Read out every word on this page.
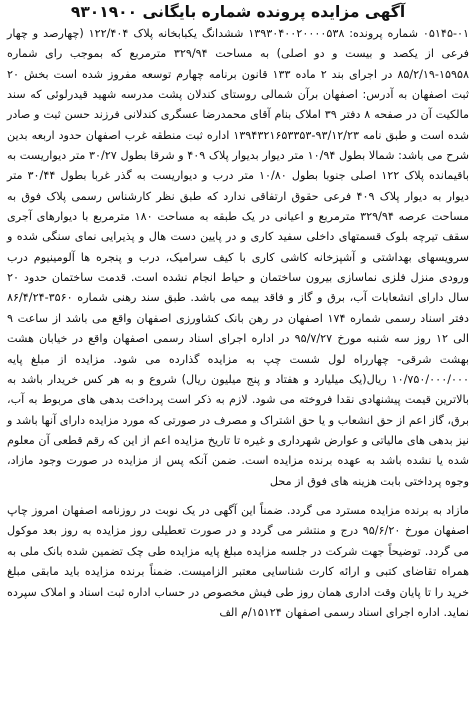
آگهی مزایده پرونده شماره بایگانی ۹۳۰۱۹۰۰

۰۵۱۴۵-۰۱ شماره پرونده: ۱۳۹۳۰۴۰۰۲۰۰۰۰۵۳۸ ششدانگ یکبابخانه پلاک ۱۲۲/۴۰۴ (چهارصد و چهار فرعی از یکصد و بیست و دو اصلی) به مساحت ۳۲۹/۹۴ مترمربع که بموجب رای شماره ۱۵۹۵۸-۸۵/۲/۱۹ در اجرای بند ۲ ماده ۱۳۳ قانون برنامه چهارم توسعه مفروز شده است بخش ۲۰ ثبت اصفهان به آدرس: اصفهان برآن شمالی روستای کندلان پشت مدرسه شهید قیدرلوئی که سند مالکیت آن در صفحه ۸ دفتر ۳۹ املاک بنام آقای محمدرضا عسگری کندلانی فرزند حسن ثبت و صادر شده است و طبق نامه ۹۳/۱۲/۲۳-۱۳۹۴۳۲۱۶۵۳۳۵۳ اداره ثبت منطقه غرب اصفهان حدود اربعه بدین شرح می باشد: شمالا بطول ۱۰/۹۴ متر دیوار بدیوار پلاک ۴۰۹ و شرقا بطول ۳۰/۲۷ متر دیواریست به باقیمانده پلاک ۱۲۲ اصلی جنوبا بطول ۱۰/۸۰ متر درب و دیواریست به گذر غربا بطول ۳۰/۴۴ متر دیوار به دیوار پلاک ۴۰۹ فرعی حقوق ارتفاقی ندارد که طبق نظر کارشناس رسمی پلاک فوق به مساحت عرصه ۳۲۹/۹۴ مترمربع و اعیانی در یک طبقه به مساحت ۱۸۰ مترمربع با دیوارهای آجری سقف تیرچه بلوک قسمتهای داخلی سفید کاری و در پایین دست هال و پذیرایی نمای سنگی شده و سرویسهای بهداشتی و آشپزخانه کاشی کاری با کیف سرامیک، درب و پنجره ها آلومینیوم درب ورودی منزل فلزی نماسازی بیرون ساختمان و حیاط انجام نشده است. قدمت ساختمان حدود ۲۰ سال دارای انشعابات آب، برق و گاز و فاقد بیمه می باشد. طبق سند رهنی شماره ۳۵۶۰-۸۶/۴/۲۴ دفتر اسناد رسمی شماره ۱۷۴ اصفهان در رهن بانک کشاورزی اصفهان واقع می باشد از ساعت ۹ الی ۱۲ روز سه شنبه مورخ ۹۵/۷/۲۷ در اداره اجرای اسناد رسمی اصفهان واقع در خیابان هشت بهشت شرقی- چهارراه لول شست چپ به مزایده گذارده می شود. مزایده از مبلغ پایه ۱۰/۷۵۰/۰۰۰/۰۰۰ ریال(یک میلیارد و هفتاد و پنج میلیون ریال) شروع و به هر کس خریدار باشد به بالاترین قیمت پیشنهادی نقدا فروخته می شود. لازم به ذکر است پرداخت بدهی های مربوط به آب، برق، گاز اعم از حق انشعاب و یا حق اشتراک و مصرف در صورتی که مورد مزایده دارای آنها باشد و نیز بدهی های مالیاتی و عوارض شهرداری و غیره تا تاریخ مزایده اعم از این که رقم قطعی آن معلوم شده یا نشده باشد به عهده برنده مزایده است. ضمن آنکه پس از مزایده در صورت وجود مازاد، وجوه پرداختی بابت هزینه های فوق از محل

مازاد به برنده مزایده مسترد می گردد. ضمناً این آگهی در یک نوبت در روزنامه اصفهان امروز چاپ اصفهان مورخ ۹۵/۶/۲۰ درج و منتشر می گردد و در صورت تعطیلی روز مزایده به روز بعد موکول می گردد. توضیحاً جهت شرکت در جلسه مزایده مبلغ پایه مزایده طی چک تضمین شده بانک ملی به همراه تقاضای کتبی و ارائه کارت شناسایی معتبر الزامیست. ضمناً برنده مزایده باید مابقی مبلغ خرید را تا پایان وقت اداری همان روز طی فیش مخصوص در حساب اداره ثبت اسناد و املاک سپرده نماید. اداره اجرای اسناد رسمی اصفهان ۱۵۱۲۴/م الف
